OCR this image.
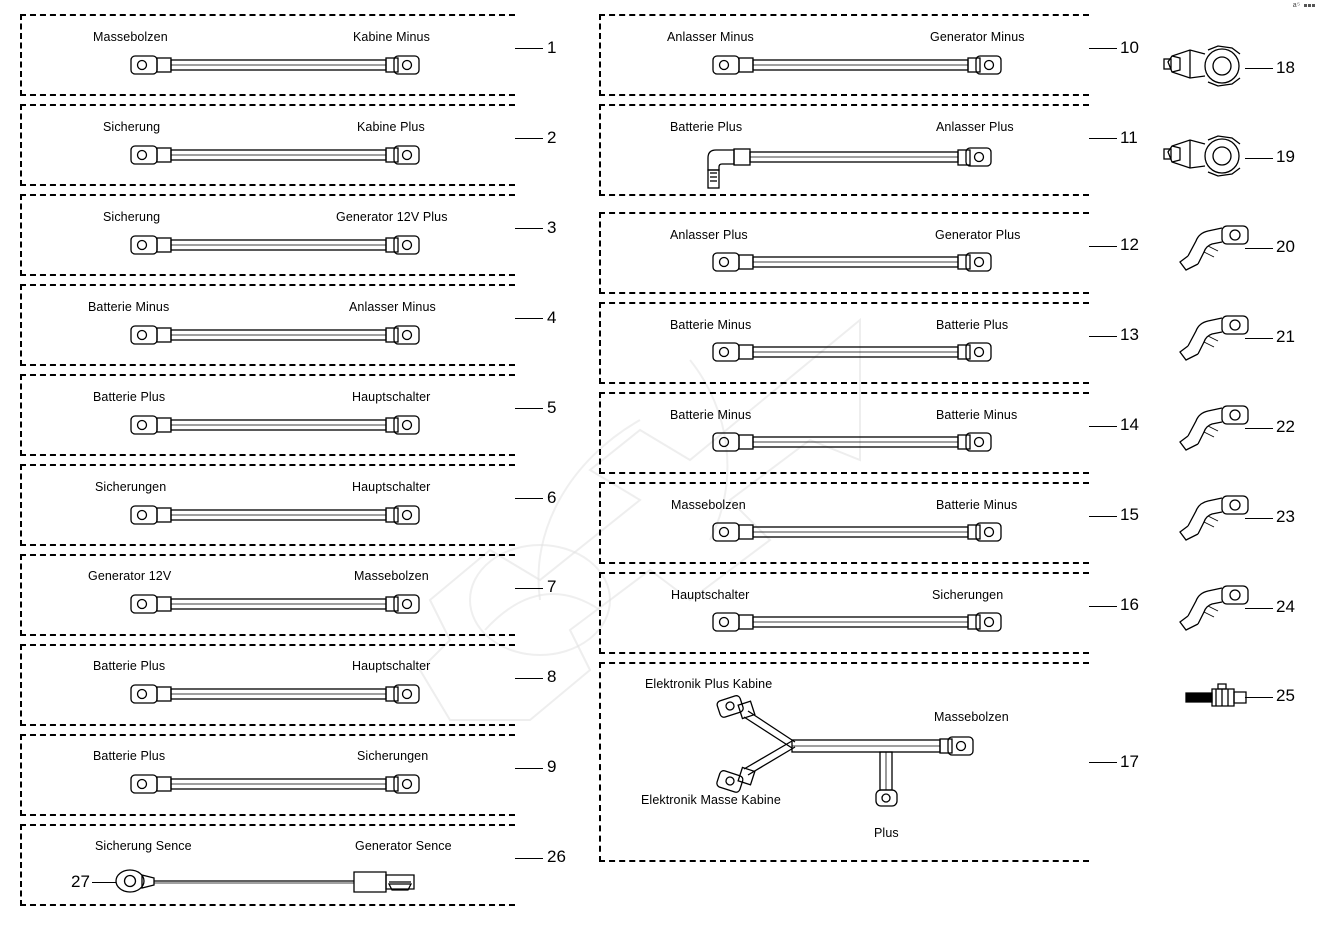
a⁵
Massebolzen	Kabine Minus
1
Sicherung	Kabine Plus
2
Sicherung	Generator 12V Plus
3
Batterie Minus	Anlasser Minus
4
Batterie Plus	Hauptschalter
5
Sicherungen	Hauptschalter
6
Generator 12V	Massebolzen
7
Batterie Plus	Hauptschalter
8
Batterie Plus	Sicherungen
9
Sicherung Sence	Generator Sence
27
26
Anlasser Minus	Generator Minus
10
Batterie Plus	Anlasser Plus
11
Anlasser Plus	Generator Plus	12
Batterie Minus	Batterie Plus	13
Batterie Minus	Batterie Minus	14
Massebolzen	Batterie Minus	15
Hauptschalter	Sicherungen	16
Elektronik Plus Kabine
Massebolzen
Elektronik Masse Kabine
Plus
17
18
19
20
21
22
23
24
25
